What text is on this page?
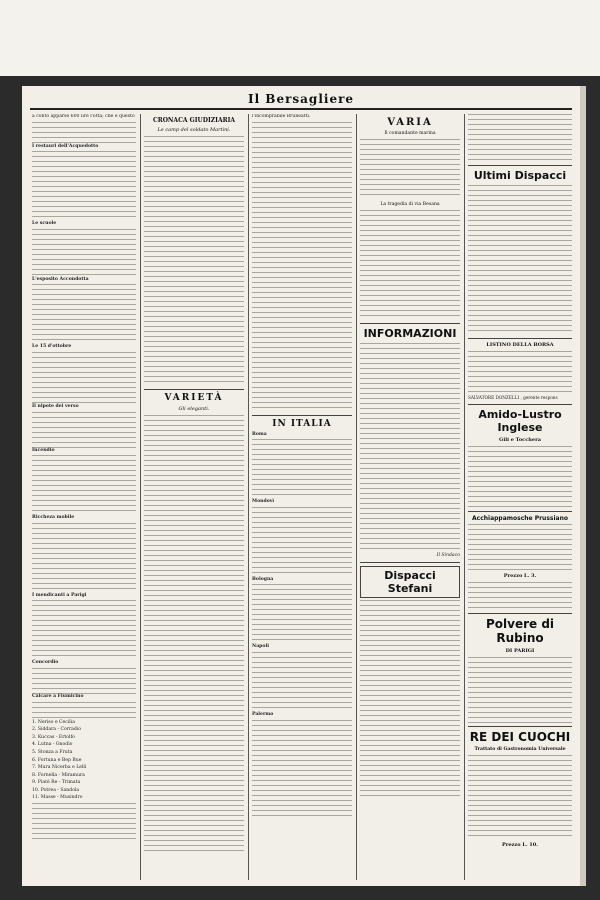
Il Bersagliere

a conto apparse 600 lire l'otta; che è questo

I restauri dell'Acquedotto

Le scuole

L'esposito Accondotta

Le 15 d'ottobre

Il nipote dei verso

Incendio

Riccheza mobile

I mendicanti a Parigi

Concordio

Calcare a Fiumicino

1. Neriso e Cecilia

2. Siddara - Corradio

3. Kuccas - Ertolfo

4. Lutna - Gnodio

5. Stonza a Fruta

6. Fortuna e Bep Bue

7. Mura Nicerba e Lelli

8. Fornella - Miramura

9. Piatè Re - Trimata

10. Potrea - Sandola

11. Masse - Musindro

CRONACA GIUDIZIARIA
Le camp del soldato Martini.
VARIETÀ
Gli eleganti.

l'incomprabile Bruneatti.

IN ITALIA

Roma

Mondovì

Bologna

Napoli

Palermo

VARIA
Il comandante marina
La tragedia di via Besana
INFORMAZIONI

Il Sindaco

Dispacci Stefani
Ultimi Dispacci
LISTINO DELLA BORSA

SALVATORE DONZELLI , gerente respons

Amido-Lustro Inglese
Gili e Tocchera
Acchiappamosche Prussiano
Prezzo L. 3.
Polvere di Rubino
DI PARIGI
RE DEI CUOCHI
Trattato di Gastronomia Universale
Prezzo L. 10.
